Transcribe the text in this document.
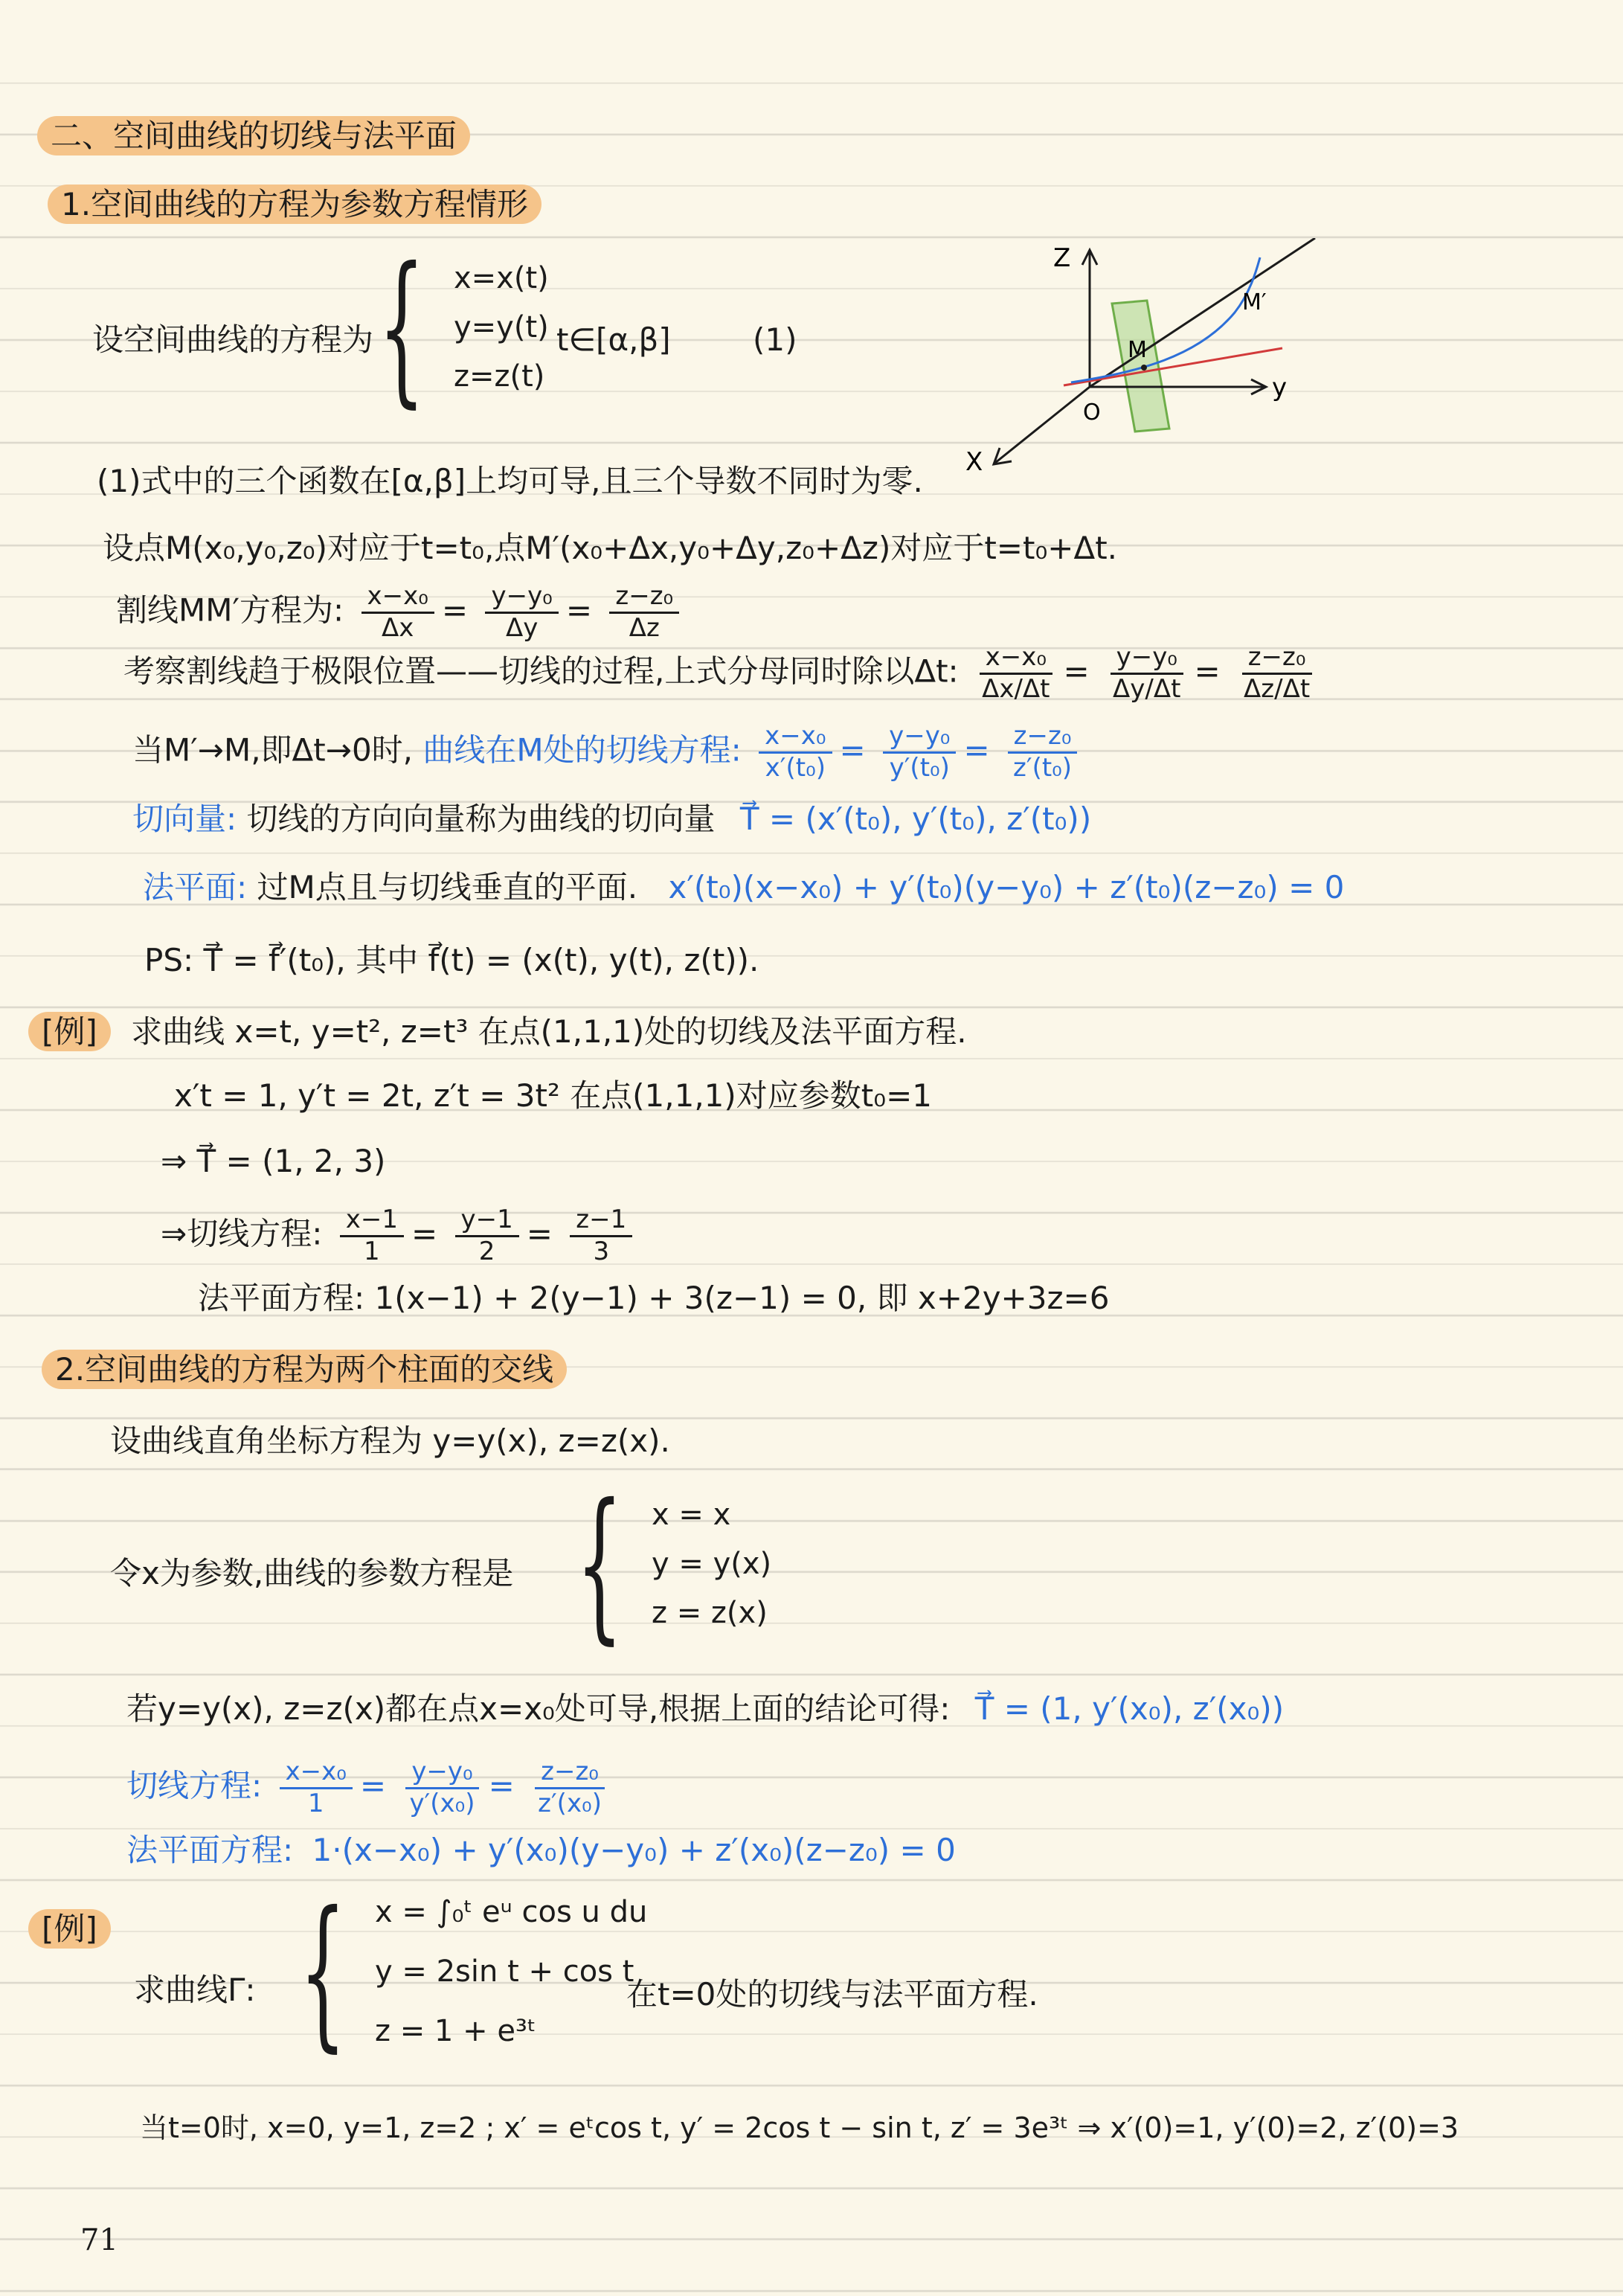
二、空间曲线的切线与法平面
1.空间曲线的方程为参数方程情形
设空间曲线的方程为 { x=x(t)
y=y(t)
z=z(t)
t∈[α,β]	(1)
Z
y
X
O
M
M′
(1)式中的三个函数在[α,β]上均可导,且三个导数不同时为零.
设点M(x₀,y₀,z₀)对应于t=t₀,点M′(x₀+Δx,y₀+Δy,z₀+Δz)对应于t=t₀+Δt.
割线MM′方程为: $\frac{\text{x−x₀}}{\Delta x} = \frac{\text{y−y₀}}{\Delta y} = \frac{\text{z−z₀}}{\Delta z}$
考察割线趋于极限位置——切线的过程,上式分母同时除以Δt: $\frac{\text{x−x₀}}{\Delta x/\Delta t} = \frac{\text{y−y₀}}{\Delta y/\Delta t} = \frac{\text{z−z₀}}{\Delta z/\Delta t}$
当M′→M,即Δt→0时, 曲线在M处的切线方程: $\frac{\text{x−x₀}}{\text{x′(t₀)}} = \frac{\text{y−y₀}}{\text{y′(t₀)}} = \frac{\text{z−z₀}}{\text{z′(t₀)}}$
切向量: 切线的方向向量称为曲线的切向量 T⃗ = (x′(t₀), y′(t₀), z′(t₀))
法平面: 过M点且与切线垂直的平面. x′(t₀)(x−x₀) + y′(t₀)(y−y₀) + z′(t₀)(z−z₀) = 0
PS: T⃗ = f⃗′(t₀), 其中 f⃗(t) = (x(t), y(t), z(t)).
[例] 求曲线 x=t, y=t², z=t³ 在点(1,1,1)处的切线及法平面方程.
x′t = 1, y′t = 2t, z′t = 3t² 在点(1,1,1)对应参数t₀=1
⇒ T⃗ = (1, 2, 3)
⇒切线方程: $\frac{x-1}{1} = \frac{y-1}{2} = \frac{z-1}{3}$
法平面方程: 1(x−1) + 2(y−1) + 3(z−1) = 0, 即 x+2y+3z=6
2.空间曲线的方程为两个柱面的交线
设曲线直角坐标方程为 y=y(x), z=z(x).
令x为参数,曲线的参数方程是 { x = x
y = y(x)
z = z(x)
若y=y(x), z=z(x)都在点x=x₀处可导,根据上面的结论可得: T⃗ = (1, y′(x₀), z′(x₀))
切线方程: $\frac{\text{x−x₀}}{1} = \frac{\text{y−y₀}}{\text{y′(x₀)}} = \frac{\text{z−z₀}}{\text{z′(x₀)}}$
法平面方程: 1·(x−x₀) + y′(x₀)(y−y₀) + z′(x₀)(z−z₀) = 0
[例]
求曲线Γ: { x = ∫₀ᵗ eᵘ cos u du
y = 2sin t + cos t
z = 1 + e³ᵗ
在t=0处的切线与法平面方程.
当t=0时, x=0, y=1, z=2 ; x′ = eᵗcos t, y′ = 2cos t − sin t, z′ = 3e³ᵗ ⇒ x′(0)=1, y′(0)=2, z′(0)=3
71
